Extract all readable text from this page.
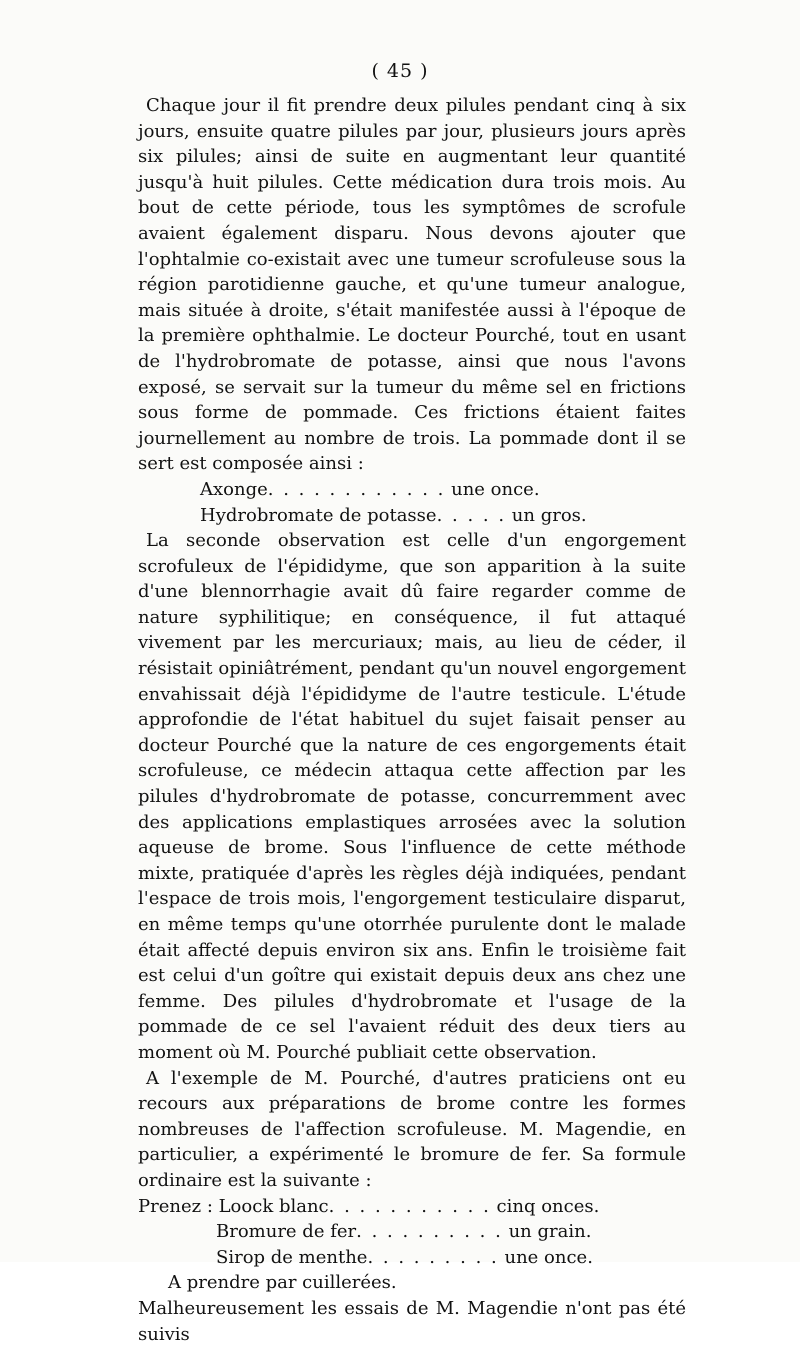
( 45 )

Chaque jour il fit prendre deux pilules pendant cinq à six jours, ensuite quatre pilules par jour, plusieurs jours après six pilules; ainsi de suite en augmentant leur quantité jusqu'à huit pilules. Cette médication dura trois mois. Au bout de cette période, tous les symptômes de scrofule avaient également disparu. Nous devons ajouter que l'ophtalmie co-existait avec une tumeur scrofuleuse sous la région parotidienne gauche, et qu'une tumeur analogue, mais située à droite, s'était manifestée aussi à l'époque de la première ophthalmie. Le docteur Pourché, tout en usant de l'hydrobromate de potasse, ainsi que nous l'avons exposé, se servait sur la tumeur du même sel en frictions sous forme de pommade. Ces frictions étaient faites journellement au nombre de trois. La pommade dont il se sert est composée ainsi :

Axonge. . . . . . . . . . . . une once.
Hydrobromate de potasse. . . . . un gros.

La seconde observation est celle d'un engorgement scrofuleux de l'épididyme, que son apparition à la suite d'une blennorrhagie avait dû faire regarder comme de nature syphilitique; en conséquence, il fut attaqué vivement par les mercuriaux; mais, au lieu de céder, il résistait opiniâtrément, pendant qu'un nouvel engorgement envahissait déjà l'épididyme de l'autre testicule. L'étude approfondie de l'état habituel du sujet faisait penser au docteur Pourché que la nature de ces engorgements était scrofuleuse, ce médecin attaqua cette affection par les pilules d'hydrobromate de potasse, concurremment avec des applications emplastiques arrosées avec la solution aqueuse de brome. Sous l'influence de cette méthode mixte, pratiquée d'après les règles déjà indiquées, pendant l'espace de trois mois, l'engorgement testiculaire disparut, en même temps qu'une otorrhée purulente dont le malade était affecté depuis environ six ans. Enfin le troisième fait est celui d'un goître qui existait depuis deux ans chez une femme. Des pilules d'hydrobromate et l'usage de la pommade de ce sel l'avaient réduit des deux tiers au moment où M. Pourché publiait cette observation.

A l'exemple de M. Pourché, d'autres praticiens ont eu recours aux préparations de brome contre les formes nombreuses de l'affection scrofuleuse. M. Magendie, en particulier, a expérimenté le bromure de fer. Sa formule ordinaire est la suivante :

Prenez : Loock blanc. . . . . . . . . . . cinq onces.
Bromure de fer. . . . . . . . . . un grain.
Sirop de menthe. . . . . . . . . une once.
A prendre par cuillerées.

Malheureusement les essais de M. Magendie n'ont pas été suivis
